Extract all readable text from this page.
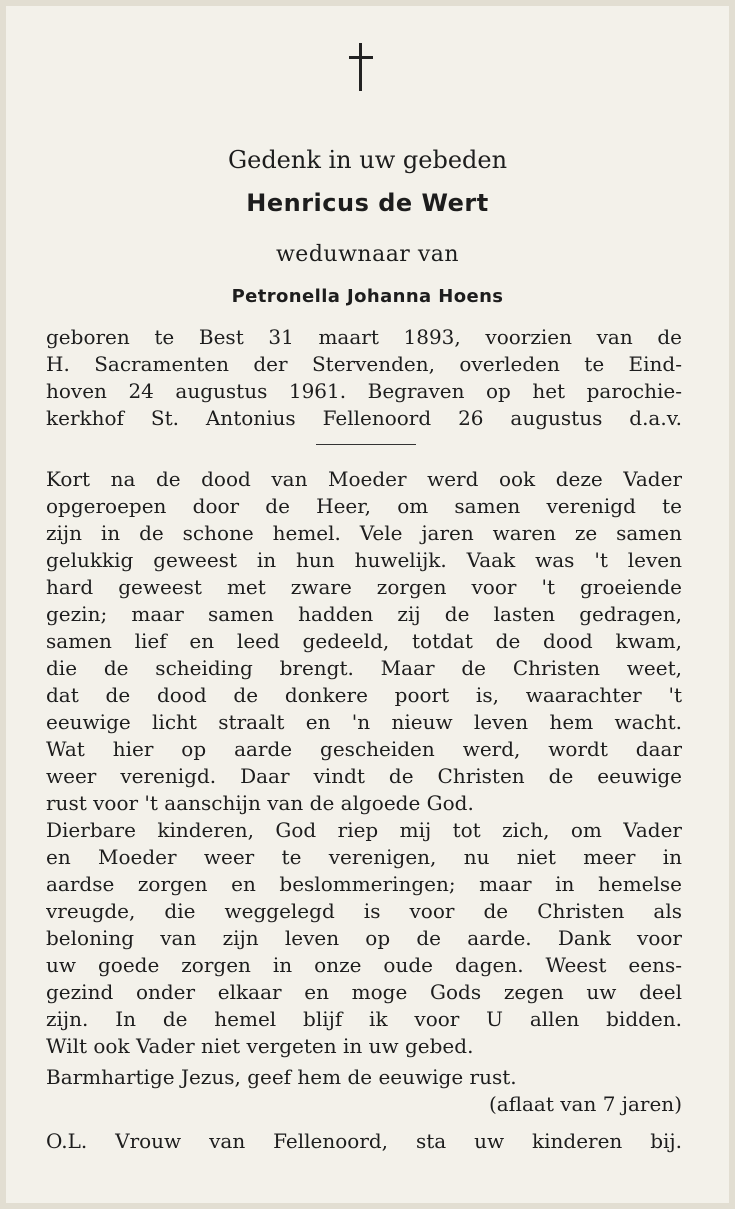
Gedenk in uw gebeden
Henricus de Wert
weduwnaar van
Petronella Johanna Hoens
geboren te Best 31 maart 1893, voorzien van de
H. Sacramenten der Stervenden, overleden te Eind-
hoven 24 augustus 1961. Begraven op het parochie-
kerkhof St. Antonius Fellenoord 26 augustus d.a.v.
Kort na de dood van Moeder werd ook deze Vader
opgeroepen door de Heer, om samen verenigd te
zijn in de schone hemel. Vele jaren waren ze samen
gelukkig geweest in hun huwelijk. Vaak was 't leven
hard geweest met zware zorgen voor 't groeiende
gezin; maar samen hadden zij de lasten gedragen,
samen lief en leed gedeeld, totdat de dood kwam,
die de scheiding brengt. Maar de Christen weet,
dat de dood de donkere poort is, waarachter 't
eeuwige licht straalt en 'n nieuw leven hem wacht.
Wat hier op aarde gescheiden werd, wordt daar
weer verenigd. Daar vindt de Christen de eeuwige
rust voor 't aanschijn van de algoede God.
Dierbare kinderen, God riep mij tot zich, om Vader
en Moeder weer te verenigen, nu niet meer in
aardse zorgen en beslommeringen; maar in hemelse
vreugde, die weggelegd is voor de Christen als
beloning van zijn leven op de aarde. Dank voor
uw goede zorgen in onze oude dagen. Weest eens-
gezind onder elkaar en moge Gods zegen uw deel
zijn. In de hemel blijf ik voor U allen bidden.
Wilt ook Vader niet vergeten in uw gebed.
Barmhartige Jezus, geef hem de eeuwige rust.
(aflaat van 7 jaren)
O.L. Vrouw van Fellenoord, sta uw kinderen bij.
